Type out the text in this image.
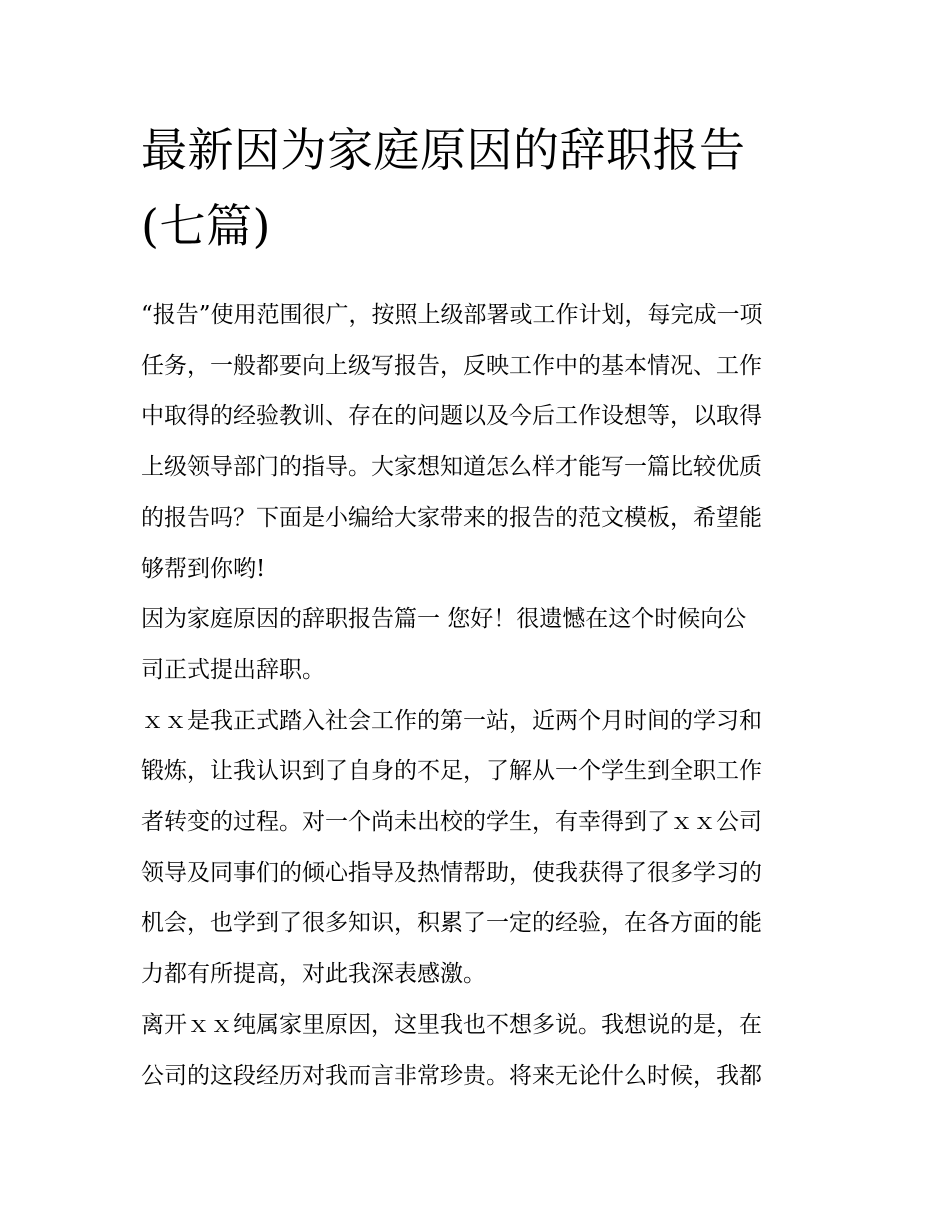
最新因为家庭原因的辞职报告
(七篇)

“报告”使用范围很广，按照上级部署或工作计划，每完成一项
任务，一般都要向上级写报告，反映工作中的基本情况、工作
中取得的经验教训、存在的问题以及今后工作设想等，以取得
上级领导部门的指导。大家想知道怎么样才能写一篇比较优质
的报告吗？下面是小编给大家带来的报告的范文模板，希望能
够帮到你哟!

因为家庭原因的辞职报告篇一 您好！很遗憾在这个时候向公
司正式提出辞职。

ｘｘ是我正式踏入社会工作的第一站，近两个月时间的学习和
锻炼，让我认识到了自身的不足，了解从一个学生到全职工作
者转变的过程。对一个尚未出校的学生，有幸得到了ｘｘ公司
领导及同事们的倾心指导及热情帮助，使我获得了很多学习的
机会，也学到了很多知识，积累了一定的经验，在各方面的能
力都有所提高，对此我深表感激。

离开ｘｘ纯属家里原因，这里我也不想多说。我想说的是，在
公司的这段经历对我而言非常珍贵。将来无论什么时候，我都
